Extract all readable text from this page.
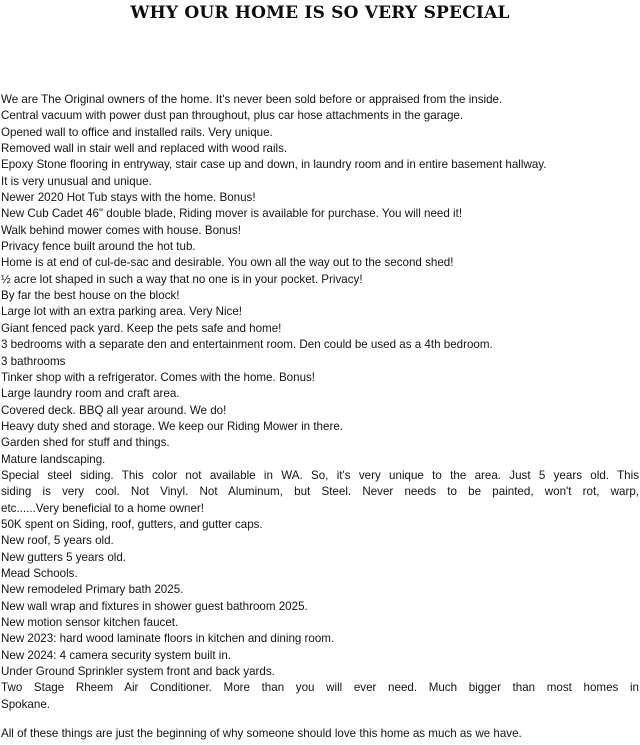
WHY OUR HOME IS SO VERY SPECIAL
We are The Original owners of the home. It's never been sold before or appraised from the inside.
Central vacuum with power dust pan throughout, plus car hose attachments in the garage.
Opened wall to office and installed rails. Very unique.
Removed wall in stair well and replaced with wood rails.
Epoxy Stone flooring in entryway, stair case up and down, in laundry room and in entire basement hallway.
It is very unusual and unique.
Newer 2020 Hot Tub stays with the home. Bonus!
New Cub Cadet 46" double blade, Riding mover is available for purchase. You will need it!
Walk behind mower comes with house. Bonus!
Privacy fence built around the hot tub.
Home is at end of cul-de-sac and desirable. You own all the way out to the second shed!
½ acre lot shaped in such a way that no one is in your pocket. Privacy!
By far the best house on the block!
Large lot with an extra parking area. Very Nice!
Giant fenced pack yard. Keep the pets safe and home!
3 bedrooms with a separate den and entertainment room. Den could be used as a 4th bedroom.
3 bathrooms
Tinker shop with a refrigerator. Comes with the home. Bonus!
Large laundry room and craft area.
Covered deck. BBQ all year around. We do!
Heavy duty shed and storage. We keep our Riding Mower in there.
Garden shed for stuff and things.
Mature landscaping.
Special steel siding. This color not available in WA. So, it's very unique to the area. Just 5 years old. This
siding is very cool. Not Vinyl. Not Aluminum, but Steel. Never needs to be painted, won't rot, warp,
etc......Very beneficial to a home owner!
50K spent on Siding, roof, gutters, and gutter caps.
New roof, 5 years old.
New gutters 5 years old.
Mead Schools.
New remodeled Primary bath 2025.
New wall wrap and fixtures in shower guest bathroom 2025.
New motion sensor kitchen faucet.
New 2023: hard wood laminate floors in kitchen and dining room.
New 2024: 4 camera security system built in.
Under Ground Sprinkler system front and back yards.
Two Stage Rheem Air Conditioner. More than you will ever need. Much bigger than most homes in
Spokane.
All of these things are just the beginning of why someone should love this home as much as we have.
